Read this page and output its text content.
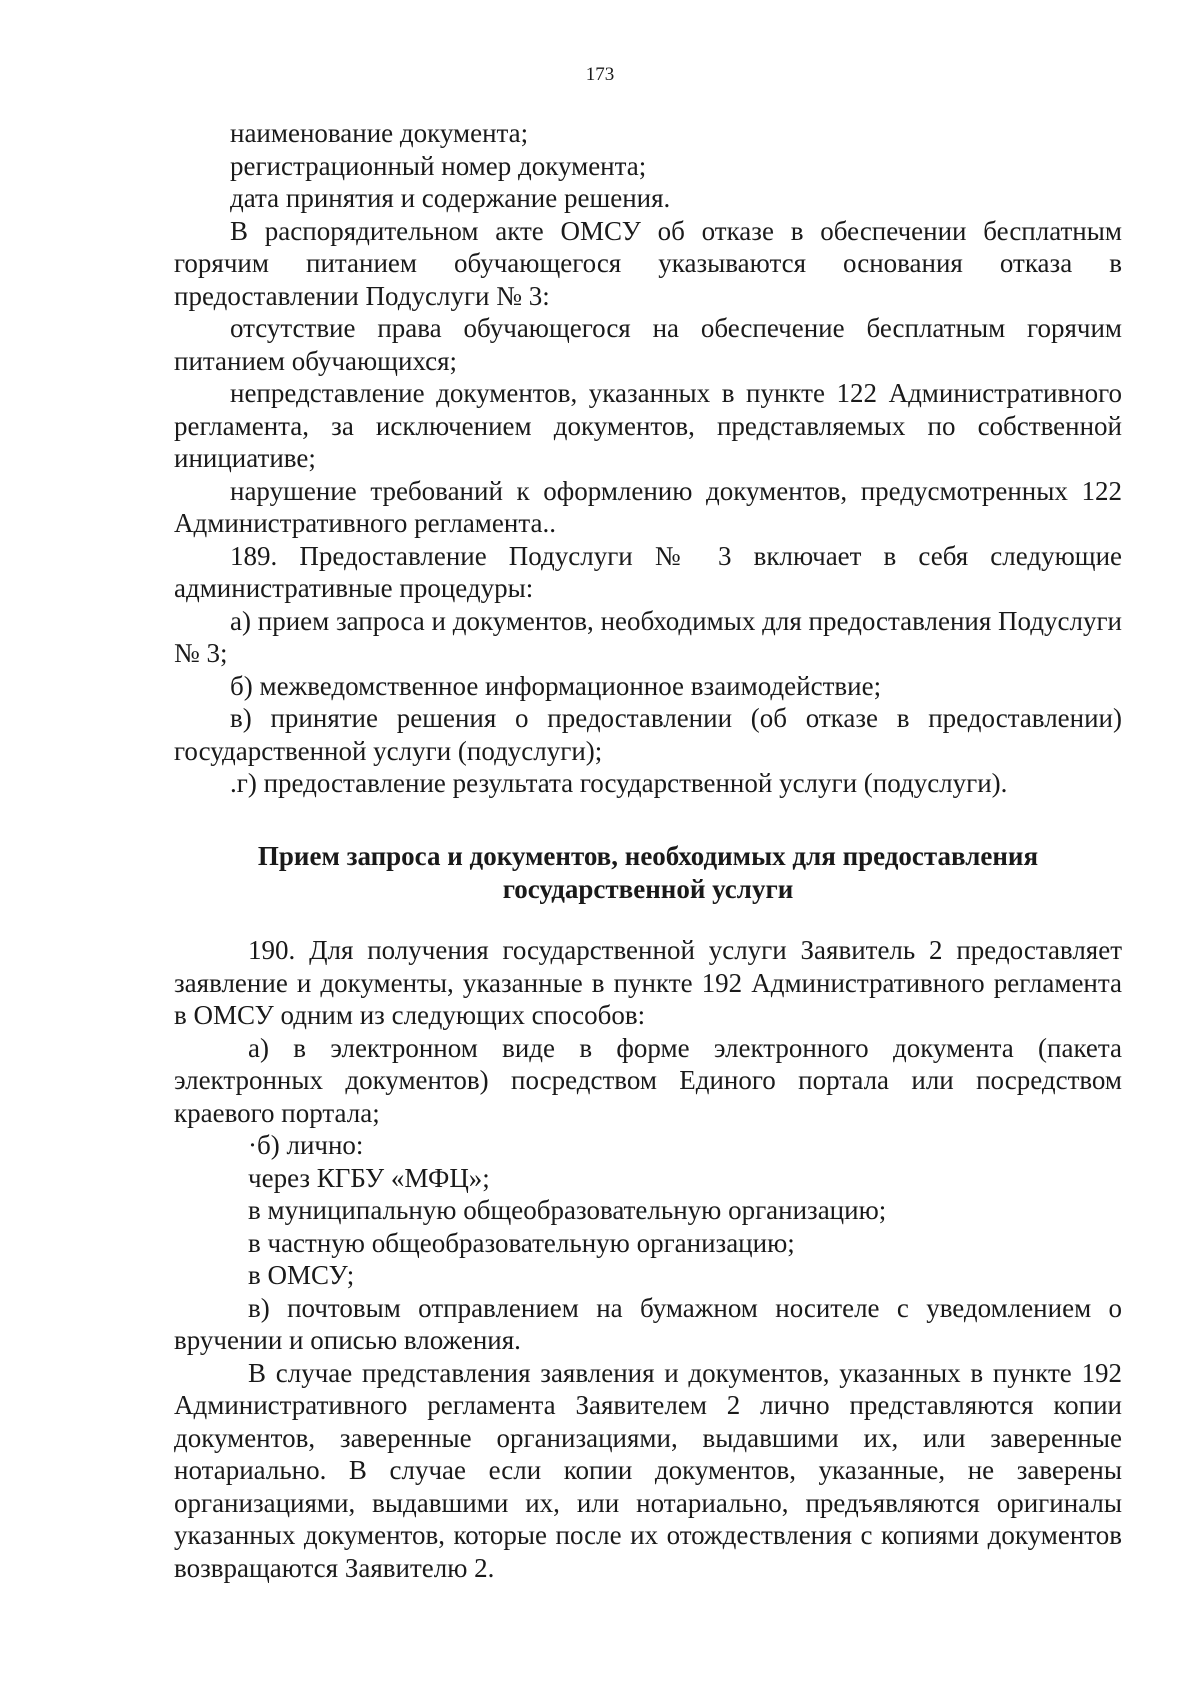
173

наименование документа;

регистрационный номер документа;

дата принятия и содержание решения.

В распорядительном акте ОМСУ об отказе в обеспечении бесплатным горячим питанием обучающегося указываются основания отказа в предоставлении Подуслуги № 3:

отсутствие права обучающегося на обеспечение бесплатным горячим питанием обучающихся;

непредставление документов, указанных в пункте 122 Административного регламента, за исключением документов, представляемых по собственной инициативе;

нарушение требований к оформлению документов, предусмотренных 122 Административного регламента..

189. Предоставление Подуслуги № 3 включает в себя следующие административные процедуры:

а) прием запроса и документов, необходимых для предоставления Подуслуги № 3;

б) межведомственное информационное взаимодействие;

в) принятие решения о предоставлении (об отказе в предоставлении) государственной услуги (подуслуги);

.г) предоставление результата государственной услуги (подуслуги).

Прием запроса и документов, необходимых для предоставления
государственной услуги

190. Для получения государственной услуги Заявитель 2 предоставляет заявление и документы, указанные в пункте 192 Административного регламента в ОМСУ одним из следующих способов:

а) в электронном виде в форме электронного документа (пакета электронных документов) посредством Единого портала или посредством краевого портала;

·б) лично:

через КГБУ «МФЦ»;

в муниципальную общеобразовательную организацию;

в частную общеобразовательную организацию;

в ОМСУ;

в) почтовым отправлением на бумажном носителе с уведомлением о вручении и описью вложения.

В случае представления заявления и документов, указанных в пункте 192 Административного регламента Заявителем 2 лично представляются копии документов, заверенные организациями, выдавшими их, или заверенные нотариально. В случае если копии документов, указанные, не заверены организациями, выдавшими их, или нотариально, предъявляются оригиналы указанных документов, которые после их отождествления с копиями документов возвращаются Заявителю 2.
